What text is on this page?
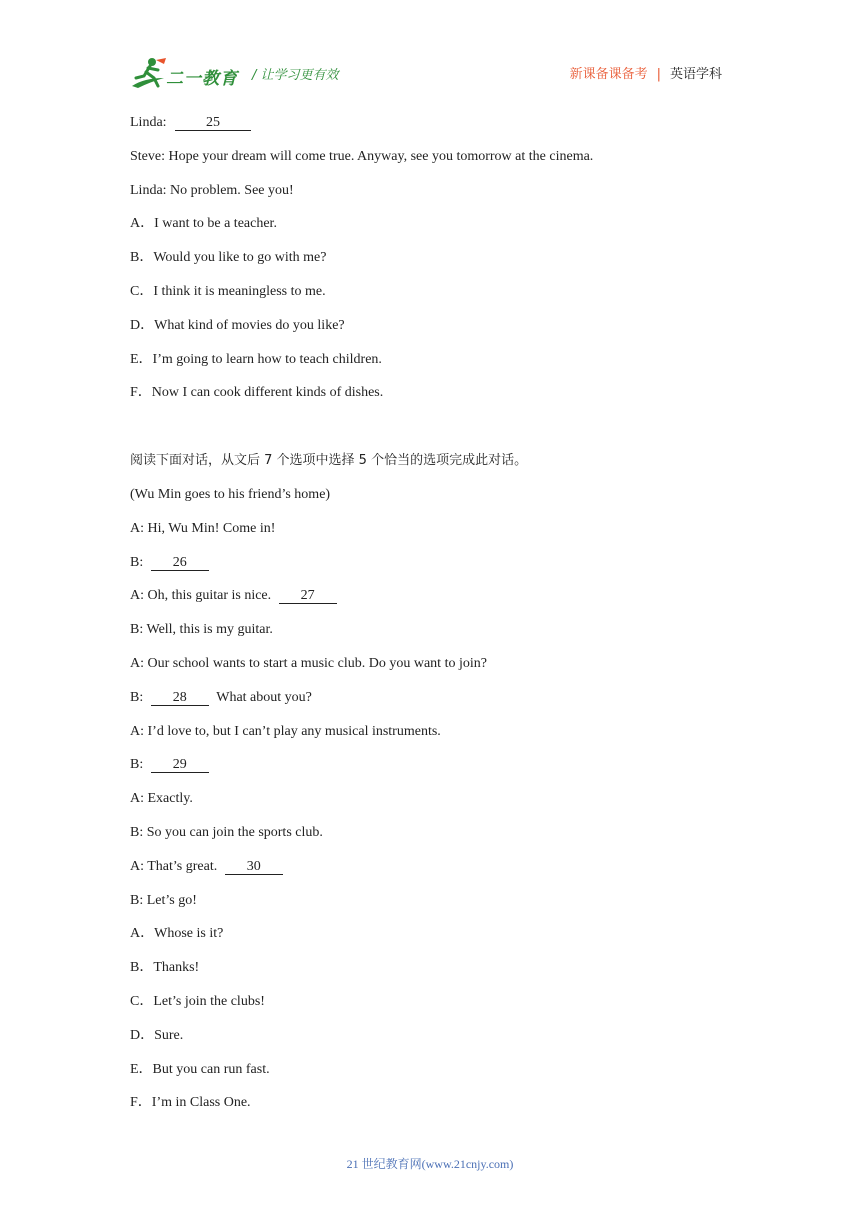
二一教育 / 让学习更有效	新课备课备考 | 英语学科
Linda:	25
Steve: Hope your dream will come true. Anyway, see you tomorrow at the cinema.
Linda: No problem. See you!
A．I want to be a teacher.
B．Would you like to go with me?
C．I think it is meaningless to me.
D．What kind of movies do you like?
E．I’m going to learn how to teach children.
F．Now I can cook different kinds of dishes.
阅读下面对话，从文后 7 个选项中选择 5 个恰当的选项完成此对话。
(Wu Min goes to his friend’s home)
A: Hi, Wu Min! Come in!
B: 26
A: Oh, this guitar is nice. 27
B: Well, this is my guitar.
A: Our school wants to start a music club. Do you want to join?
B: 28 What about you?
A: I’d love to, but I can’t play any musical instruments.
B: 29
A: Exactly.
B: So you can join the sports club.
A: That’s great. 30
B: Let’s go!
A．Whose is it?
B．Thanks!
C．Let’s join the clubs!
D．Sure.
E．But you can run fast.
F．I’m in Class One.
21 世纪教育网(www.21cnjy.com)
